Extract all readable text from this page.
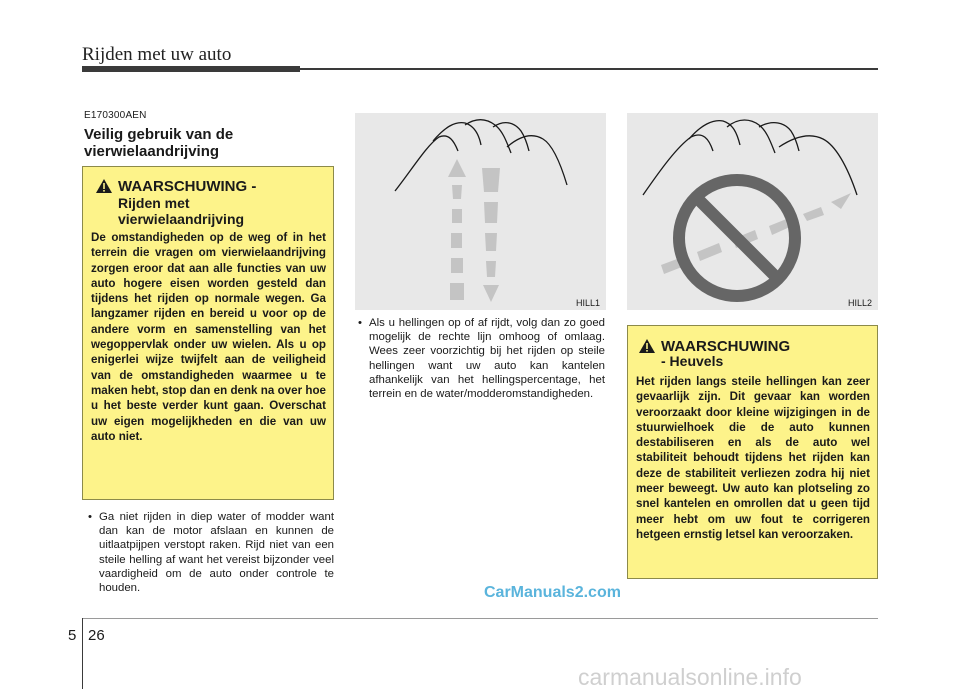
Rijden met uw auto
E170300AEN
Veilig gebruik van de vierwielaandrijving
WAARSCHUWING -
Rijden met
vierwielaandrijving
De omstandigheden op de weg of in het terrein die vragen om vierwielaandrijving zorgen eroor dat aan alle functies van uw auto hogere eisen worden gesteld dan tijdens het rijden op normale wegen. Ga langzamer rijden en bereid u voor op de andere vorm en samenstelling van het wegoppervlak onder uw wielen. Als u op enigerlei wijze twijfelt aan de veiligheid van de omstandigheden waarmee u te maken hebt, stop dan en denk na over hoe u het beste verder kunt gaan. Overschat uw eigen mogelijkheden en die van uw auto niet.
• Ga niet rijden in diep water of modder want dan kan de motor afslaan en kunnen de uitlaatpijpen verstopt raken. Rijd niet van een steile helling af want het vereist bijzonder veel vaardigheid om de auto onder controle te houden.
HILL1	HILL2
• Als u hellingen op of af rijdt, volg dan zo goed mogelijk de rechte lijn omhoog of omlaag. Wees zeer voorzichtig bij het rijden op steile hellingen want uw auto kan kantelen afhankelijk van het hellingspercentage, het terrein en de water/modderomstandigheden.
WAARSCHUWING
- Heuvels
Het rijden langs steile hellingen kan zeer gevaarlijk zijn. Dit gevaar kan worden veroorzaakt door kleine wijzigingen in de stuurwielhoek die de auto kunnen destabiliseren en als de auto wel stabiliteit behoudt tijdens het rijden kan deze de stabiliteit verliezen zodra hij niet meer beweegt. Uw auto kan plotseling zo snel kantelen en omrollen dat u geen tijd meer hebt om uw fout te corrigeren hetgeen ernstig letsel kan veroorzaken.
CarManuals2.com
carmanualsonline.info
5 26
